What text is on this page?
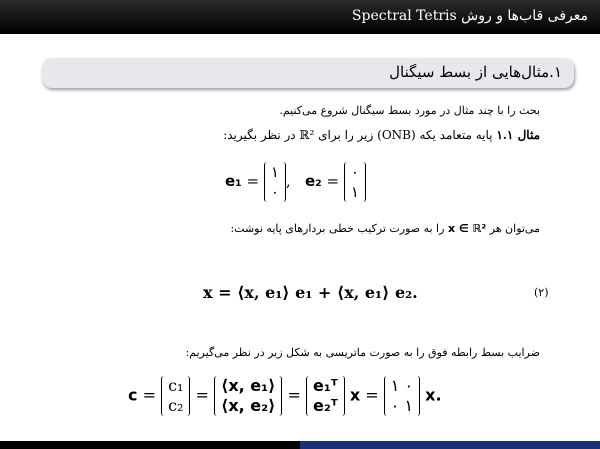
معرفی قاب‌ها و روش Spectral Tetris
۱.مثال‌هایی از بسط سیگنال
بحث را با چند مثال در مورد بسط سیگنال شروع می‌کنیم.
مثال ۱.۱ پایه متعامد یکه (ONB) زیر را برای ℝ² در نظر بگیرید:
e₁ = ۱
۰
,   e₂ = ۰
۱
می‌توان هر x ∈ ℝ² را به صورت ترکیب خطی بردارهای پایه نوشت:
x = ⟨x, e₁⟩ e₁ + ⟨x, e₁⟩ e₂.	(۲)
ضرایب بسط رابطه فوق را به صورت ماتریسی به شکل زیر در نظر می‌گیریم:
c = c₁
c₂
= ⟨x, e₁⟩
⟨x, e₂⟩
= e₁ᵀ
e₂ᵀ
x = ۱ ۰
۰ ۱
x.
